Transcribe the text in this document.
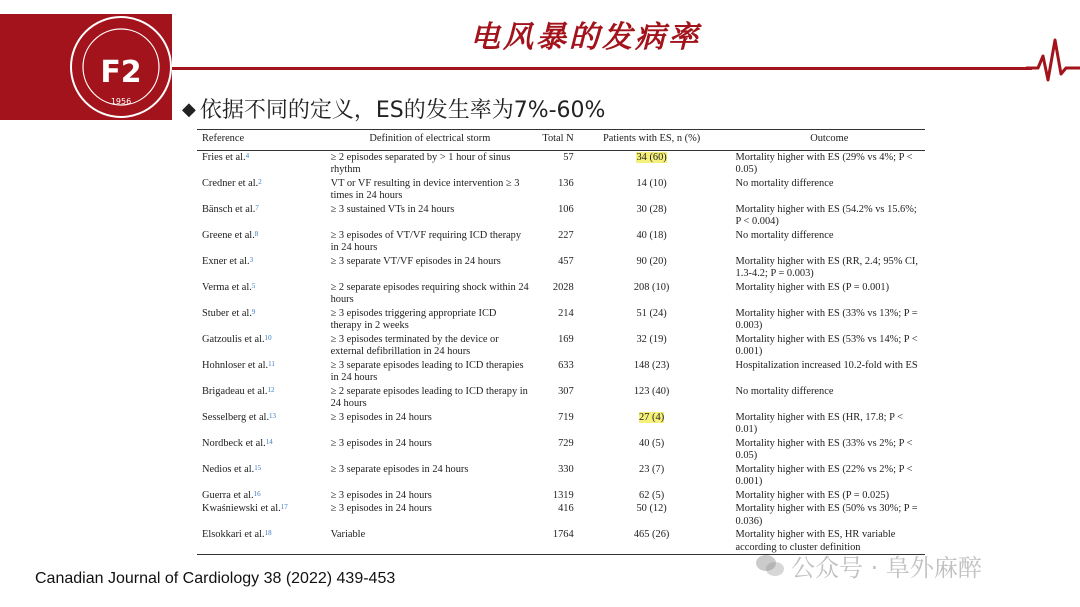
F2
1956
电风暴的发病率
◆ 依据不同的定义，ES的发生率为7%-60%
Reference	Definition of electrical storm	Total N	Patients with ES, n (%)	Outcome
Fries et al.$^4$	≥ 2 episodes separated by > 1 hour of sinus rhythm	57	34 (60)	Mortality higher with ES (29% vs 4%; P < 0.05)
Credner et al.$^2$	VT or VF resulting in device intervention ≥ 3 times in 24 hours	136	14 (10)	No mortality difference
Bänsch et al.$^7$	≥ 3 sustained VTs in 24 hours	106	30 (28)	Mortality higher with ES (54.2% vs 15.6%; P < 0.004)
Greene et al.$^8$	≥ 3 episodes of VT/VF requiring ICD therapy in 24 hours	227	40 (18)	No mortality difference
Exner et al.$^3$	≥ 3 separate VT/VF episodes in 24 hours	457	90 (20)	Mortality higher with ES (RR, 2.4; 95% CI, 1.3-4.2; P = 0.003)
Verma et al.$^5$	≥ 2 separate episodes requiring shock within 24 hours	2028	208 (10)	Mortality higher with ES (P = 0.001)
Stuber et al.$^9$	≥ 3 episodes triggering appropriate ICD therapy in 2 weeks	214	51 (24)	Mortality higher with ES (33% vs 13%; P = 0.003)
Gatzoulis et al.$^{10}$	≥ 3 episodes terminated by the device or external defibrillation in 24 hours	169	32 (19)	Mortality higher with ES (53% vs 14%; P < 0.001)
Hohnloser et al.$^{11}$	≥ 3 separate episodes leading to ICD therapies in 24 hours	633	148 (23)	Hospitalization increased 10.2-fold with ES
Brigadeau et al.$^{12}$	≥ 2 separate episodes leading to ICD therapy in 24 hours	307	123 (40)	No mortality difference
Sesselberg et al.$^{13}$	≥ 3 episodes in 24 hours	719	27 (4)	Mortality higher with ES (HR, 17.8; P < 0.01)
Nordbeck et al.$^{14}$	≥ 3 episodes in 24 hours	729	40 (5)	Mortality higher with ES (33% vs 2%; P < 0.05)
Nedios et al.$^{15}$	≥ 3 separate episodes in 24 hours	330	23 (7)	Mortality higher with ES (22% vs 2%; P < 0.001)
Guerra et al.$^{16}$	≥ 3 episodes in 24 hours	1319	62 (5)	Mortality higher with ES (P = 0.025)
Kwaśniewski et al.$^{17}$	≥ 3 episodes in 24 hours	416	50 (12)	Mortality higher with ES (50% vs 30%; P = 0.036)
Elsokkari et al.$^{18}$	Variable	1764	465 (26)	Mortality higher with ES, HR variable according to cluster definition
Canadian Journal of Cardiology 38 (2022) 439-453	公众号 · 阜外麻醉
